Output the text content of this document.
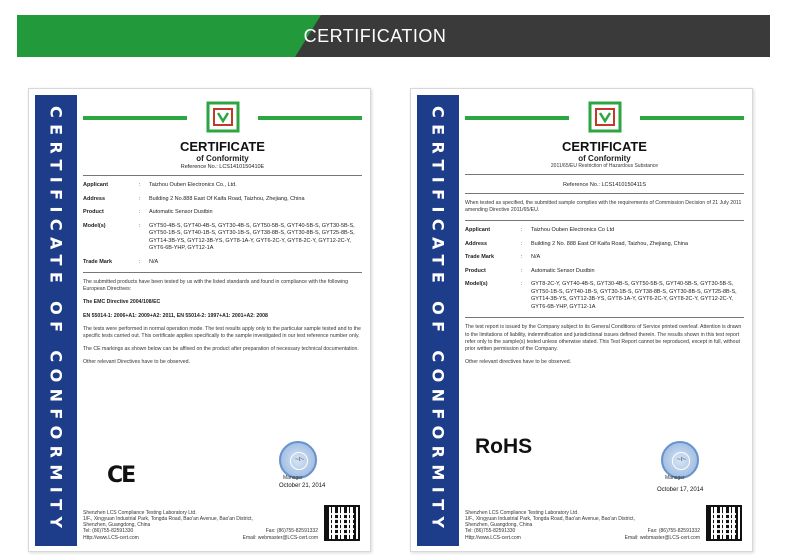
CERTIFICATION
CERTIFICATE OF CONFORMITY	CERTIFICATE
of Conformity
Reference No.: LCS1410150410E
Applicant	:	Taizhou Ouben Electronics Co., Ltd.
Address	:	Building 2 No.888 East Of Kaifa Road, Taizhou, Zhejiang, China
Product	:	Automatic Sensor Dustbin
Model(s)	:	GYT50-4B-S, GYT40-4B-S, GYT30-4B-S, GYT50-5B-S, GYT40-5B-S, GYT30-5B-S, GYT50-1B-S, GYT40-1B-S, GYT30-1B-S, GYT38-8B-S, GYT30-8B-S, GYT25-8B-S, GYT14-3B-YS, GYT12-3B-YS, GYT8-1A-Y, GYT6-2C-Y, GYT8-2C-Y, GYT12-2C-Y, GYT6-6B-YHP, GYT12-1A
Trade Mark	:	N/A
The submitted products have been tested by us with the listed standards and found in compliance with the following European Directives:
The EMC Directive 2004/108/EC
EN 55014-1: 2006+A1: 2009+A2: 2011, EN 55014-2: 1997+A1: 2001+A2: 2008
The tests were performed in normal operation mode. The test results apply only to the particular sample tested and to the specific tests carried out. This certificate applies specifically to the sample investigated in our test reference number only.
The CE markings as shown below can be affixed on the product after preparation of necessary technical documentation.
Other relevant Directives have to be observed.
CE
~ℓ~
Manager
October 21, 2014
Shenzhen LCS Compliance Testing Laboratory Ltd.
1/F., Xingyuan Industrial Park, Tongda Road, Bao'an Avenue, Bao'an District,
Shenzhen, Guangdong, China
Tel: (86)755-82591330	Fax: (86)755-82591332
Http://www.LCS-cert.com	Email: webmaster@LCS-cert.com
CERTIFICATE OF CONFORMITY	CERTIFICATE
of Conformity
2011/65/EU Restriction of Hazardous Substance
Reference No.: LCS1410150411S
When tested as specified, the submitted sample complies with the requirements of Commission Decision of 21 July 2011 amending Directive 2011/65/EU.
Applicant	:	Taizhou Ouben Electronics Co Ltd
Address	:	Building 2 No. 888 East Of Kaifa Road, Taizhou, Zhejiang, China
Trade Mark	:	N/A
Product	:	Automatic Sensor Dustbin
Model(s)	:	GYT8-2C-Y, GYT40-4B-S, GYT30-4B-S, GYT50-5B-S, GYT40-5B-S, GYT30-5B-S, GYT50-1B-S, GYT40-1B-S, GYT30-1B-S, GYT38-8B-S, GYT30-8B-S, GYT25-8B-S, GYT14-3B-YS, GYT12-3B-YS, GYT8-1A-Y, GYT6-2C-Y, GYT8-2C-Y, GYT12-2C-Y, GYT6-6B-YHP, GYT12-1A
The test report is issued by the Company subject to its General Conditions of Service printed overleaf. Attention is drawn to the limitations of liability, indemnification and jurisdictional issues defined therein. The results shown in this test report refer only to the sample(s) tested unless otherwise stated. This Test Report cannot be reproduced, except in full, without prior written permission of the Company.
Other relevant directives have to be observed.
RoHS
~ℓ~
Manager
October 17, 2014
Shenzhen LCS Compliance Testing Laboratory Ltd.
1/F., Xingyuan Industrial Park, Tongda Road, Bao'an Avenue, Bao'an District,
Shenzhen, Guangdong, China
Tel: (86)755-82591330	Fax: (86)755-82591332
Http://www.LCS-cert.com	Email: webmaster@LCS-cert.com
